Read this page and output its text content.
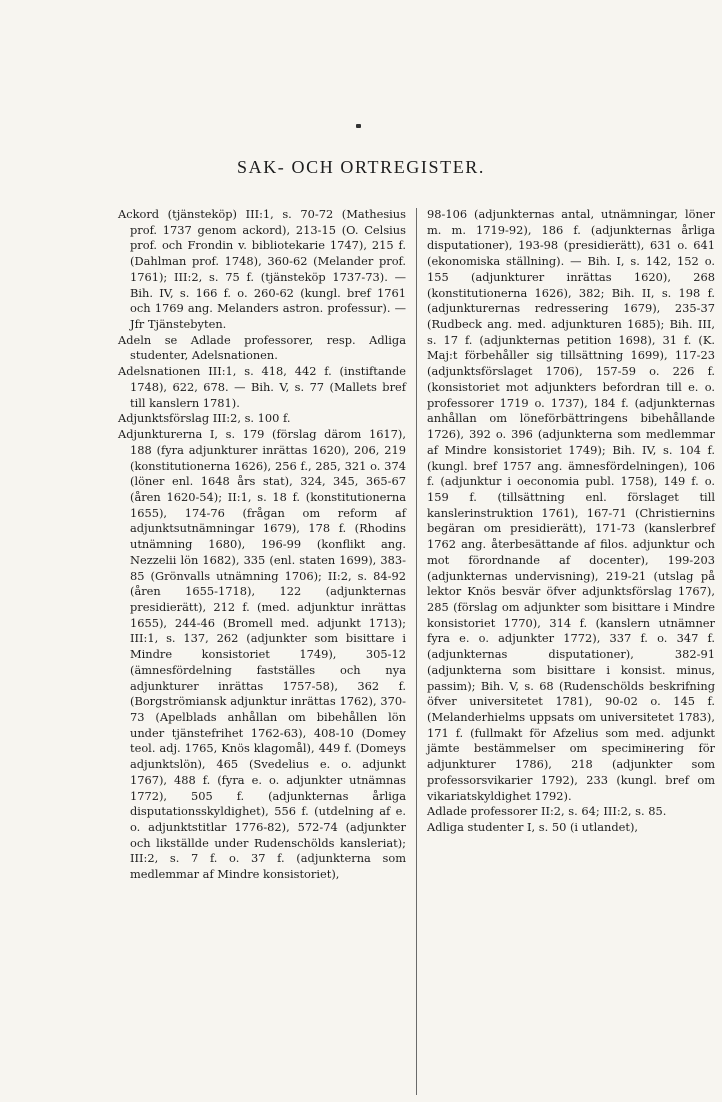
SAK- OCH ORTREGISTER.

Ackord (tjänsteköp) III:1, s. 70-72 (Mathesius prof. 1737 genom ackord), 213-15 (O. Celsius prof. och Frondin v. bibliotekarie 1747), 215 f. (Dahlman prof. 1748), 360-62 (Melander prof. 1761); III:2, s. 75 f. (tjänsteköp 1737-73). — Bih. IV, s. 166 f. o. 260-62 (kungl. bref 1761 och 1769 ang. Melanders astron. professur). — Jfr Tjänstebyten.

Adeln se Adlade professorer, resp. Adliga studenter, Adelsnationen.

Adelsnationen III:1, s. 418, 442 f. (instiftande 1748), 622, 678. — Bih. V, s. 77 (Mallets bref till kanslern 1781).

Adjunktsförslag III:2, s. 100 f.

Adjunkturerna I, s. 179 (förslag därom 1617), 188 (fyra adjunkturer inrättas 1620), 206, 219 (konstitutionerna 1626), 256 f., 285, 321 o. 374 (löner enl. 1648 års stat), 324, 345, 365-67 (åren 1620-54); II:1, s. 18 f. (konstitutionerna 1655), 174-76 (frågan om reform af adjunktsutnämningar 1679), 178 f. (Rhodins utnämning 1680), 196-99 (konflikt ang. Nezzelii lön 1682), 335 (enl. staten 1699), 383-85 (Grönvalls utnämning 1706); II:2, s. 84-92 (åren 1655-1718), 122 (adjunkternas presidierätt), 212 f. (med. adjunktur inrättas 1655), 244-46 (Bromell med. adjunkt 1713); III:1, s. 137, 262 (adjunkter som bisittare i Mindre konsistoriet 1749), 305-12 (ämnesfördelning fastställes och nya adjunkturer inrättas 1757-58), 362 f. (Borgströmiansk adjunktur inrättas 1762), 370-73 (Apelblads anhållan om bibehållen lön under tjänstefrihet 1762-63), 408-10 (Domey teol. adj. 1765, Knös klagomål), 449 f. (Domeys adjunktslön), 465 (Svedelius e. o. adjunkt 1767), 488 f. (fyra e. o. adjunkter utnämnas 1772), 505 f. (adjunkternas årliga disputationsskyldighet), 556 f. (utdelning af e. o. adjunktstitlar 1776-82), 572-74 (adjunkter och likställde under Rudenschölds kansleriat); III:2, s. 7 f. o. 37 f. (adjunkterna som medlemmar af Mindre konsistoriet),

98-106 (adjunkternas antal, utnämningar, löner m. m. 1719-92), 186 f. (adjunkternas årliga disputationer), 193-98 (presidierätt), 631 o. 641 (ekonomiska ställning). — Bih. I, s. 142, 152 o. 155 (adjunkturer inrättas 1620), 268 (konstitutionerna 1626), 382; Bih. II, s. 198 f. (adjunkturernas redressering 1679), 235-37 (Rudbeck ang. med. adjunkturen 1685); Bih. III, s. 17 f. (adjunkternas petition 1698), 31 f. (K. Maj:t förbehåller sig tillsättning 1699), 117-23 (adjunktsförslaget 1706), 157-59 o. 226 f. (konsistoriet mot adjunkters befordran till e. o. professorer 1719 o. 1737), 184 f. (adjunkternas anhållan om löneförbättringens bibehållande 1726), 392 o. 396 (adjunkterna som medlemmar af Mindre konsistoriet 1749); Bih. IV, s. 104 f. (kungl. bref 1757 ang. ämnesfördelningen), 106 f. (adjunktur i oeconomia publ. 1758), 149 f. o. 159 f. (tillsättning enl. förslaget till kanslerinstruktion 1761), 167-71 (Christiernins begäran om presidierätt), 171-73 (kanslerbref 1762 ang. återbesättande af filos. adjunktur och mot förordnande af docenter), 199-203 (adjunkternas undervisning), 219-21 (utslag på lektor Knös besvär öfver adjunktsförslag 1767), 285 (förslag om adjunkter som bisittare i Mindre konsistoriet 1770), 314 f. (kanslern utnämner fyra e. o. adjunkter 1772), 337 f. o. 347 f. (adjunkternas disputationer), 382-91 (adjunkterna som bisittare i konsist. minus, passim); Bih. V, s. 68 (Rudenschölds beskrifning öfver universitetet 1781), 90-02 o. 145 f. (Melanderhielms uppsats om universitetet 1783), 171 f. (fullmakt för Afzelius som med. adjunkt jämte bestämmelser om specimінering för adjunkturer 1786), 218 (adjunkter som professorsvikarier 1792), 233 (kungl. bref om vikariatskyldighet 1792).

Adlade professorer II:2, s. 64; III:2, s. 85.

Adliga studenter I, s. 50 (i utlandet),
